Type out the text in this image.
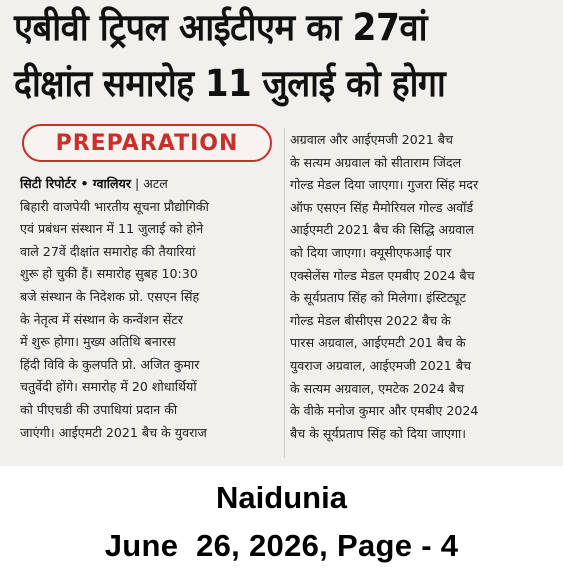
एबीवी ट्रिपल आईटीएम का 27वां
दीक्षांत समारोह 11 जुलाई को होगा
PREPARATION
सिटी रिपोर्टर • ग्वालियर | अटल
बिहारी वाजपेयी भारतीय सूचना प्रौद्योगिकी
एवं प्रबंधन संस्थान में 11 जुलाई को होने
वाले 27वें दीक्षांत समारोह की तैयारियां
शुरू हो चुकी हैं। समारोह सुबह 10:30
बजे संस्थान के निदेशक प्रो. एसएन सिंह
के नेतृत्व में संस्थान के कन्वेंशन सेंटर
में शुरू होगा। मुख्य अतिथि बनारस
हिंदी विवि के कुलपति प्रो. अजित कुमार
चतुर्वेदी होंगे। समारोह में 20 शोधार्थियों
को पीएचडी की उपाधियां प्रदान की
जाएंगी। आईएमटी 2021 बैच के युवराज
अग्रवाल और आईएमजी 2021 बैच
के सत्यम अग्रवाल को सीताराम जिंदल
गोल्ड मेडल दिया जाएगा। गुजरा सिंह मदर
ऑफ एसएन सिंह मैमोरियल गोल्ड अवॉर्ड
आईएमटी 2021 बैच की सिद्धि अग्रवाल
को दिया जाएगा। क्यूसीएफआई पार
एक्सेलेंस गोल्ड मेडल एमबीए 2024 बैच
के सूर्यप्रताप सिंह को मिलेगा। इंस्टिट्यूट
गोल्ड मेडल बीसीएस 2022 बैच के
पारस अग्रवाल, आईएमटी 201 बैच के
युवराज अग्रवाल, आईएमजी 2021 बैच
के सत्यम अग्रवाल, एमटेक 2024 बैच
के वीके मनोज कुमार और एमबीए 2024
बैच के सूर्यप्रताप सिंह को दिया जाएगा।
Naidunia
June  26, 2026, Page - 4
